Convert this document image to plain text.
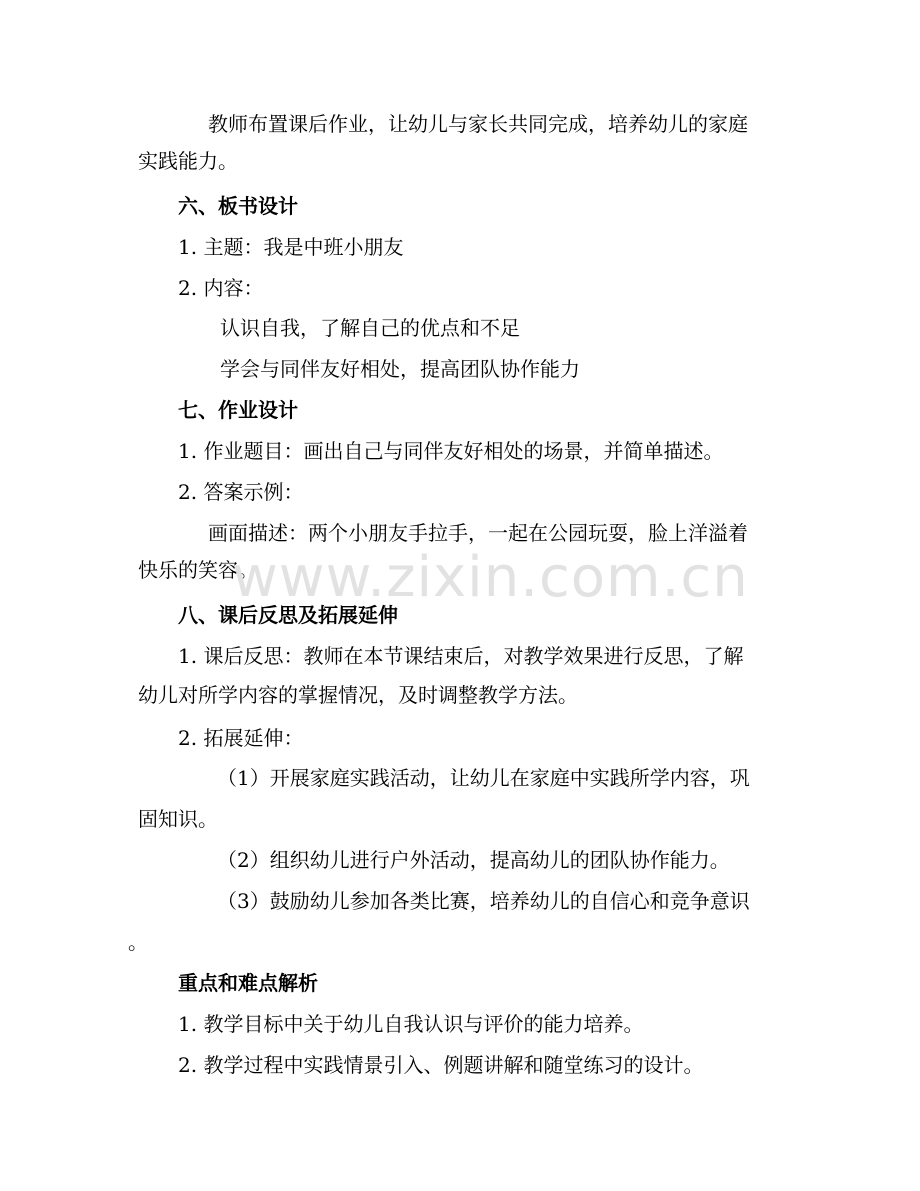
教师布置课后作业，让幼儿与家长共同完成，培养幼儿的家庭
实践能力。
六、板书设计
1. 主题：我是中班小朋友
2. 内容：
认识自我，了解自己的优点和不足
学会与同伴友好相处，提高团队协作能力
七、作业设计
1. 作业题目：画出自己与同伴友好相处的场景，并简单描述。
2. 答案示例：
画面描述：两个小朋友手拉手，一起在公园玩耍，脸上洋溢着
快乐的笑容。
八、课后反思及拓展延伸
1. 课后反思：教师在本节课结束后，对教学效果进行反思，了解
幼儿对所学内容的掌握情况，及时调整教学方法。
2. 拓展延伸：
（1）开展家庭实践活动，让幼儿在家庭中实践所学内容，巩
固知识。
（2）组织幼儿进行户外活动，提高幼儿的团队协作能力。
（3）鼓励幼儿参加各类比赛，培养幼儿的自信心和竞争意识
。
重点和难点解析
1. 教学目标中关于幼儿自我认识与评价的能力培养。
2. 教学过程中实践情景引入、例题讲解和随堂练习的设计。
www.zixin.com.cn
